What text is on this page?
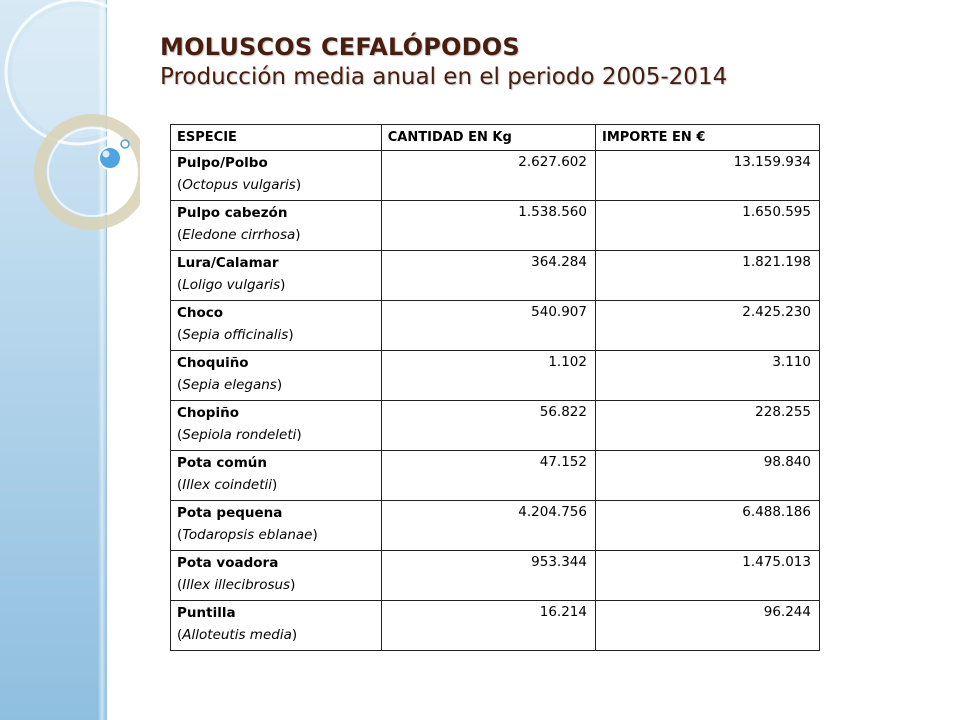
MOLUSCOS CEFALÓPODOS
Producción media anual en el periodo 2005-2014
ESPECIE	CANTIDAD EN Kg	IMPORTE EN €

Pulpo/Polbo
(Octopus vulgaris)	2.627.602	13.159.934

Pulpo cabezón
(Eledone cirrhosa)	1.538.560	1.650.595

Lura/Calamar
(Loligo vulgaris)	364.284	1.821.198

Choco
(Sepia officinalis)	540.907	2.425.230

Choquiño
(Sepia elegans)	1.102	3.110

Chopiño
(Sepiola rondeleti)	56.822	228.255

Pota común
(Illex coindetii)	47.152	98.840

Pota pequena
(Todaropsis eblanae)	4.204.756	6.488.186

Pota voadora
(Illex illecibrosus)	953.344	1.475.013

Puntilla
(Alloteutis media)	16.214	96.244
